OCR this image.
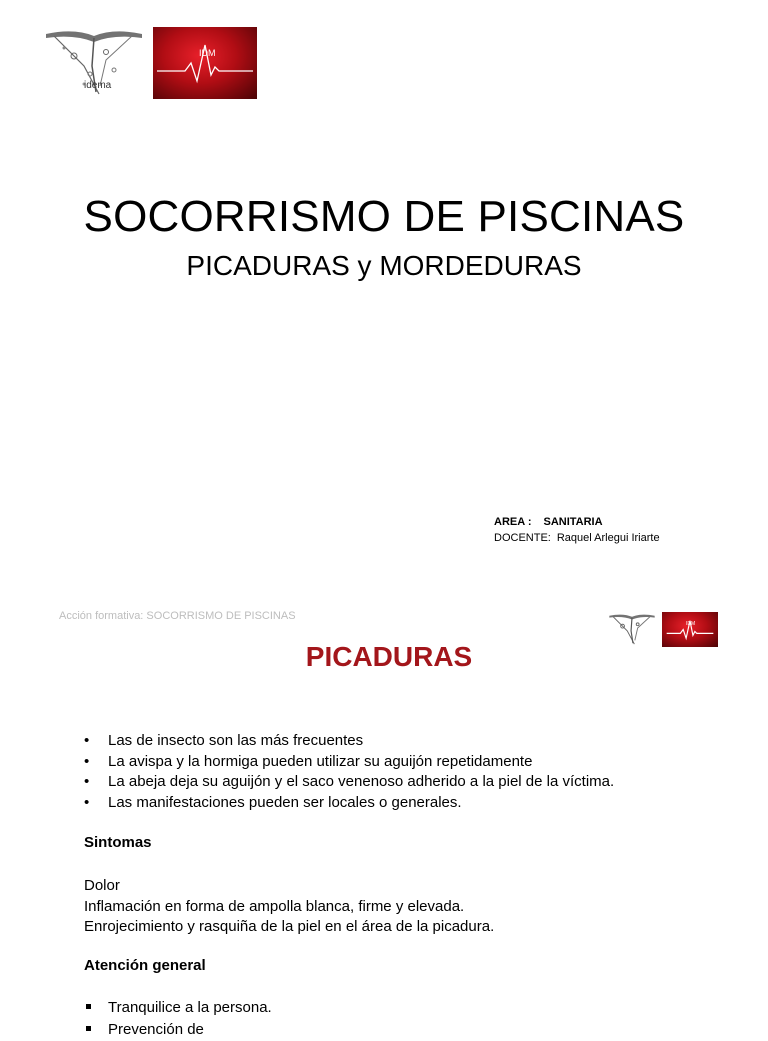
idema
IDM
SOCORRISMO DE PISCINAS
PICADURAS y MORDEDURAS
AREA : SANITARIA
DOCENTE: Raquel Arlegui Iriarte
Acción formativa: SOCORRISMO DE PISCINAS
IDM
PICADURAS
• Las de insecto son las más frecuentes
• La avispa y la hormiga pueden utilizar su aguijón repetidamente
• La abeja deja su aguijón y el saco venenoso adherido a la piel de la víctima.
• Las manifestaciones pueden ser locales o generales.
Sintomas
Dolor
Inflamación en forma de ampolla blanca, firme y elevada.
Enrojecimiento y rasquiña de la piel en el área de la picadura.
Atención general
Tranquilice a la persona.
Prevención de
